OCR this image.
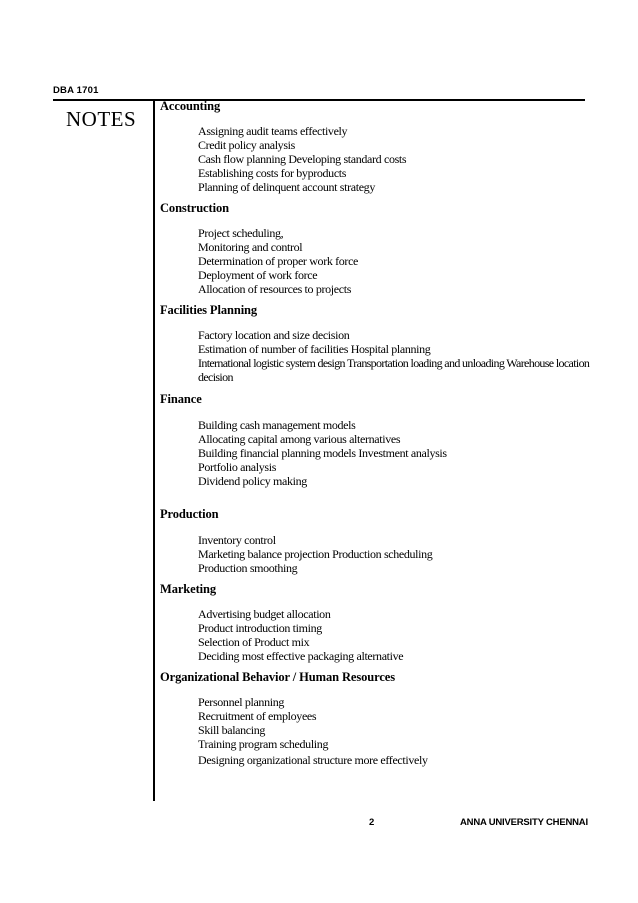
DBA 1701
NOTES
Accounting
Assigning audit teams effectively
Credit policy analysis
Cash flow planning Developing standard costs
Establishing costs for byproducts
Planning of delinquent account strategy
Construction
Project scheduling,
Monitoring and control
Determination of proper work force
Deployment of work force
Allocation of resources to projects
Facilities Planning
Factory location and size decision
Estimation of number of facilities Hospital planning
International logistic system design Transportation loading and unloading Warehouse location decision
Finance
Building cash management models
Allocating capital among various alternatives
Building financial planning models Investment analysis
Portfolio analysis
Dividend policy making
Production
Inventory control
Marketing balance projection Production scheduling
Production smoothing
Marketing
Advertising budget allocation
Product introduction timing
Selection of Product mix
Deciding most effective packaging alternative
Organizational Behavior / Human Resources
Personnel planning
Recruitment of employees
Skill balancing
Training program scheduling
Designing organizational structure more effectively
2	ANNA UNIVERSITY CHENNAI
